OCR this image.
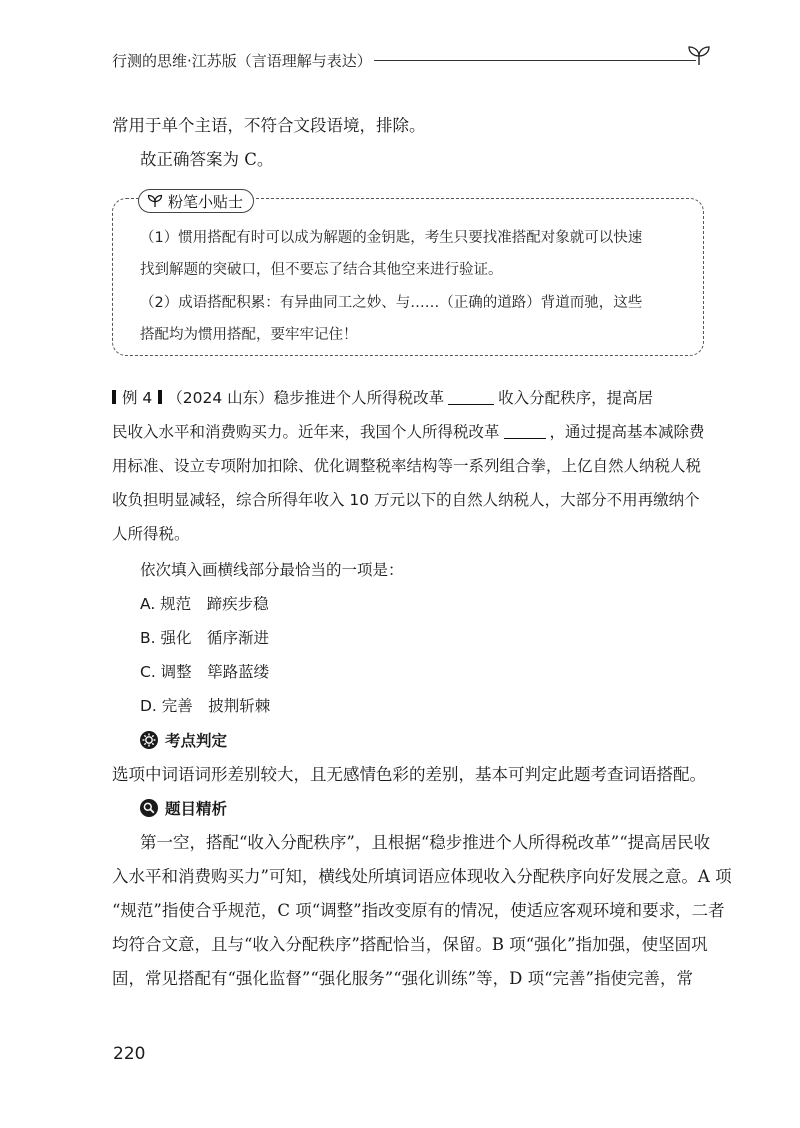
行测的思维·江苏版（言语理解与表达）
常用于单个主语，不符合文段语境，排除。
故正确答案为 C。
粉笔小贴士
（1）惯用搭配有时可以成为解题的金钥匙，考生只要找准搭配对象就可以快速
找到解题的突破口，但不要忘了结合其他空来进行验证。
（2）成语搭配积累：有异曲同工之妙、与……（正确的道路）背道而驰，这些
搭配均为惯用搭配，要牢牢记住！
例 4 （2024 山东）稳步推进个人所得税改革	收入分配秩序，提高居
民收入水平和消费购买力。近年来，我国个人所得税改革	，通过提高基本减除费
用标准、设立专项附加扣除、优化调整税率结构等一系列组合拳，上亿自然人纳税人税
收负担明显减轻，综合所得年收入 10 万元以下的自然人纳税人，大部分不用再缴纳个
人所得税。
依次填入画横线部分最恰当的一项是：
A. 规范　蹄疾步稳
B. 强化　循序渐进
C. 调整　筚路蓝缕
D. 完善　披荆斩棘
考点判定
选项中词语词形差别较大，且无感情色彩的差别，基本可判定此题考查词语搭配。
题目精析
第一空，搭配“收入分配秩序”，且根据“稳步推进个人所得税改革”“提高居民收
入水平和消费购买力”可知，横线处所填词语应体现收入分配秩序向好发展之意。A 项
“规范”指使合乎规范，C 项“调整”指改变原有的情况，使适应客观环境和要求，二者
均符合文意，且与“收入分配秩序”搭配恰当，保留。B 项“强化”指加强，使坚固巩
固，常见搭配有“强化监督”“强化服务”“强化训练”等，D 项“完善”指使完善，常
220
